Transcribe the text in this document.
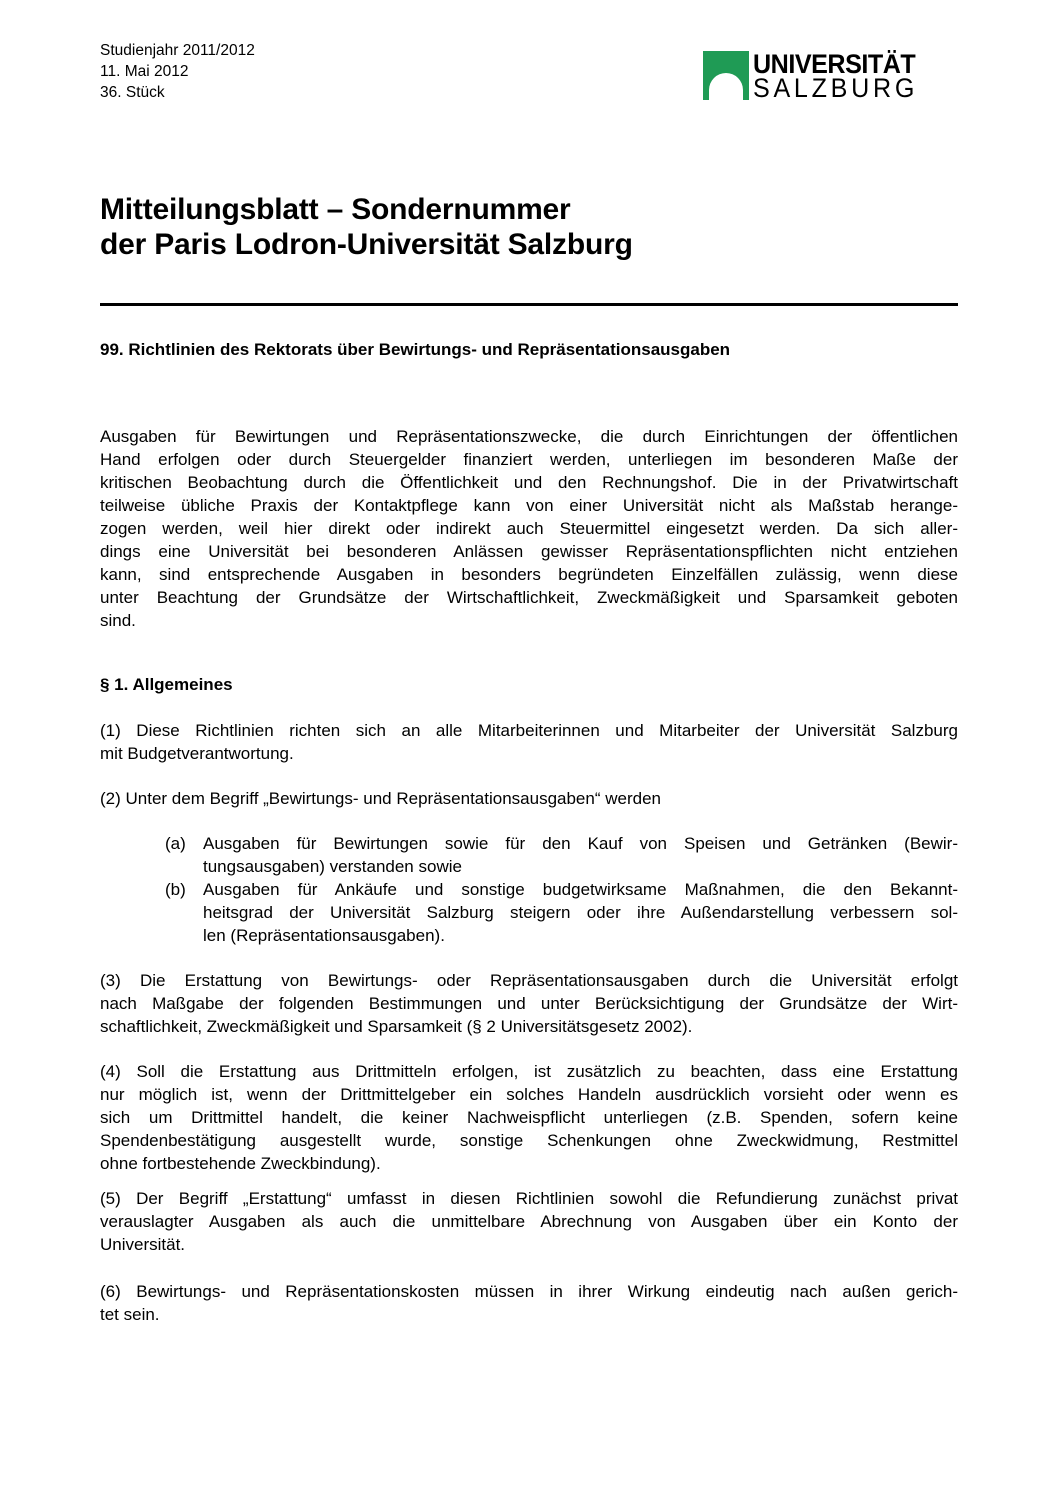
Studienjahr 2011/2012
11. Mai 2012
36. Stück
UNIVERSITÄT
SALZBURG
Mitteilungsblatt – Sondernummer
der Paris Lodron-Universität Salzburg
99. Richtlinien des Rektorats über Bewirtungs- und Repräsentationsausgaben
Ausgaben für Bewirtungen und Repräsentationszwecke, die durch Einrichtungen der öffentlichen
Hand erfolgen oder durch Steuergelder finanziert werden, unterliegen im besonderen Maße der
kritischen Beobachtung durch die Öffentlichkeit und den Rechnungshof. Die in der Privatwirtschaft
teilweise übliche Praxis der Kontaktpflege kann von einer Universität nicht als Maßstab herange-
zogen werden, weil hier direkt oder indirekt auch Steuermittel eingesetzt werden. Da sich aller-
dings eine Universität bei besonderen Anlässen gewisser Repräsentationspflichten nicht entziehen
kann, sind entsprechende Ausgaben in besonders begründeten Einzelfällen zulässig, wenn diese
unter Beachtung der Grundsätze der Wirtschaftlichkeit, Zweckmäßigkeit und Sparsamkeit geboten
sind.
§ 1. Allgemeines
(1) Diese Richtlinien richten sich an alle Mitarbeiterinnen und Mitarbeiter der Universität Salzburg
mit Budgetverantwortung.
(2) Unter dem Begriff „Bewirtungs- und Repräsentationsausgaben“ werden
(a)	Ausgaben für Bewirtungen sowie für den Kauf von Speisen und Getränken (Bewir-
tungsausgaben) verstanden sowie
(b)	Ausgaben für Ankäufe und sonstige budgetwirksame Maßnahmen, die den Bekannt-
heitsgrad der Universität Salzburg steigern oder ihre Außendarstellung verbessern sol-
len (Repräsentationsausgaben).
(3) Die Erstattung von Bewirtungs- oder Repräsentationsausgaben durch die Universität erfolgt
nach Maßgabe der folgenden Bestimmungen und unter Berücksichtigung der Grundsätze der Wirt-
schaftlichkeit, Zweckmäßigkeit und Sparsamkeit (§ 2 Universitätsgesetz 2002).
(4) Soll die Erstattung aus Drittmitteln erfolgen, ist zusätzlich zu beachten, dass eine Erstattung
nur möglich ist, wenn der Drittmittelgeber ein solches Handeln ausdrücklich vorsieht oder wenn es
sich um Drittmittel handelt, die keiner Nachweispflicht unterliegen (z.B. Spenden, sofern keine
Spendenbestätigung ausgestellt wurde, sonstige Schenkungen ohne Zweckwidmung, Restmittel
ohne fortbestehende Zweckbindung).
(5) Der Begriff „Erstattung“ umfasst in diesen Richtlinien sowohl die Refundierung zunächst privat
verauslagter Ausgaben als auch die unmittelbare Abrechnung von Ausgaben über ein Konto der
Universität.
(6) Bewirtungs- und Repräsentationskosten müssen in ihrer Wirkung eindeutig nach außen gerich-
tet sein.
